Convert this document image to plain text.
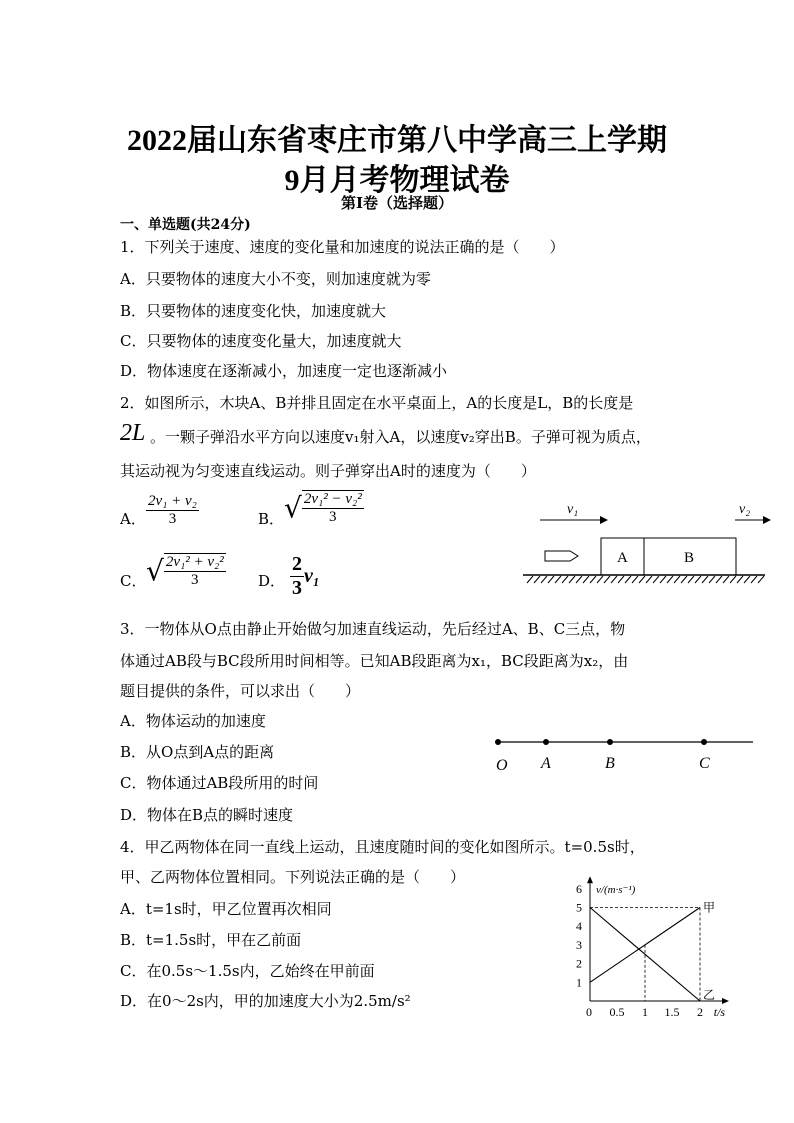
2022届山东省枣庄市第八中学高三上学期
9月月考物理试卷
第I卷（选择题）
一、单选题(共24分)
1．下列关于速度、速度的变化量和加速度的说法正确的是（　　）
A．只要物体的速度大小不变，则加速度就为零
B．只要物体的速度变化快，加速度就大
C．只要物体的速度变化量大，加速度就大
D．物体速度在逐渐减小，加速度一定也逐渐减小
2．如图所示，木块A、B并排且固定在水平桌面上，A的长度是L，B的长度是
2L 。一颗子弹沿水平方向以速度v₁射入A，以速度v₂穿出B。子弹可视为质点，
其运动视为匀变速直线运动。则子弹穿出A时的速度为（　　）
A． $\frac{\text{2v₁ + v₂}}{3}$	B． √ $\frac{\text{2v₁² − v₂²}}{3}$
C． √ $\frac{\text{2v₁² + v₂²}}{3}$ D． $\frac{2}{3} v_1$
v₁	v₂
A	B
3．一物体从O点由静止开始做匀加速直线运动，先后经过A、B、C三点，物
体通过AB段与BC段所用时间相等。已知AB段距离为x₁，BC段距离为x₂，由
题目提供的条件，可以求出（　　）
A．物体运动的加速度
B．从O点到A点的距离
C．物体通过AB段所用的时间
D．物体在B点的瞬时速度
O A	B	C
4．甲乙两物体在同一直线上运动，且速度随时间的变化如图所示。t=0.5s时，
甲、乙两物体位置相同。下列说法正确的是（　　）
A．t=1s时，甲乙位置再次相同
B．t=1.5s时，甲在乙前面
C．在0.5s～1.5s内，乙始终在甲前面
D．在0～2s内，甲的加速度大小为2.5m/s²
0 0.5 1 1.5 2
1
2
3
4
5
6 v/(m·s⁻¹)
t/s
甲
乙
